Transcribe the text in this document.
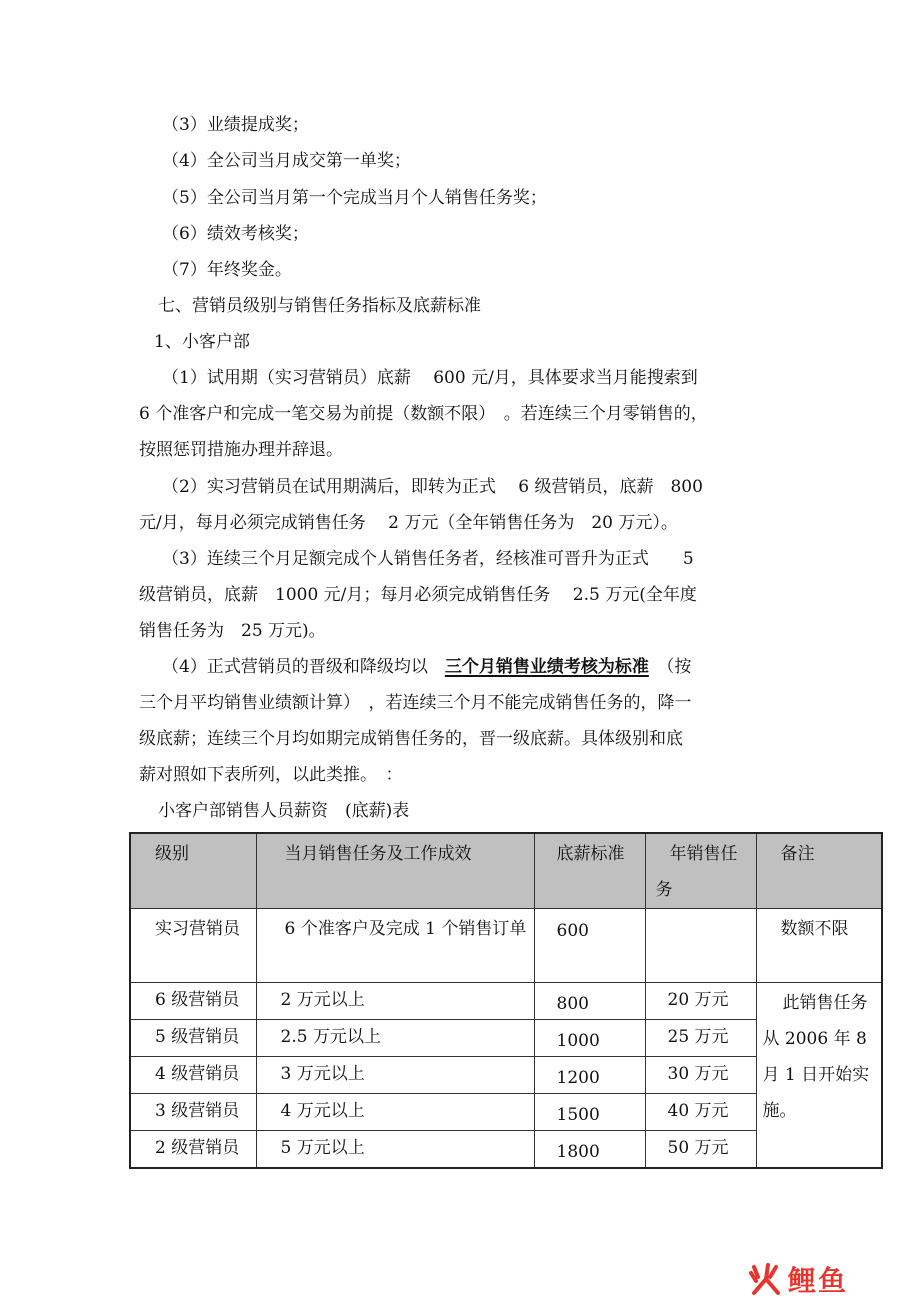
（3）业绩提成奖；
（4）全公司当月成交第一单奖；
（5）全公司当月第一个完成当月个人销售任务奖；
（6）绩效考核奖；
（7）年终奖金。
七、营销员级别与销售任务指标及底薪标准
1、小客户部
（1）试用期（实习营销员）底薪　 600 元/月，具体要求当月能搜索到
6 个准客户和完成一笔交易为前提（数额不限）　。若连续三个月零销售的，
按照惩罚措施办理并辞退。
（2）实习营销员在试用期满后，即转为正式　 6 级营销员，底薪　800
元/月，每月必须完成销售任务　 2 万元（全年销售任务为　20 万元）。
（3）连续三个月足额完成个人销售任务者，经核准可晋升为正式　　5
级营销员，底薪　1000 元/月；每月必须完成销售任务　 2.5 万元(全年度
销售任务为　25 万元)。
（4）正式营销员的晋级和降级均以　三个月销售业绩考核为标准　（按
三个月平均销售业绩额计算）　，若连续三个月不能完成销售任务的，降一
级底薪；连续三个月均如期完成销售任务的，晋一级底薪。具体级别和底
薪对照如下表所列，以此类推。　：
小客户部销售人员薪资　(底薪)表
级别	当月销售任务及工作成效	底薪标准	年销售任务	备注

实习营销员	6 个准客户及完成 1 个销售订单	600		数额不限

6 级营销员	2 万元以上	800	20 万元	此销售任务从 2006 年 8 月 1 日开始实施。

5 级营销员	2.5 万元以上	1000	25 万元	

4 级营销员	3 万元以上	1200	30 万元	

3 级营销员	4 万元以上	1500	40 万元	

2 级营销员	5 万元以上	1800	50 万元	
鲤鱼
